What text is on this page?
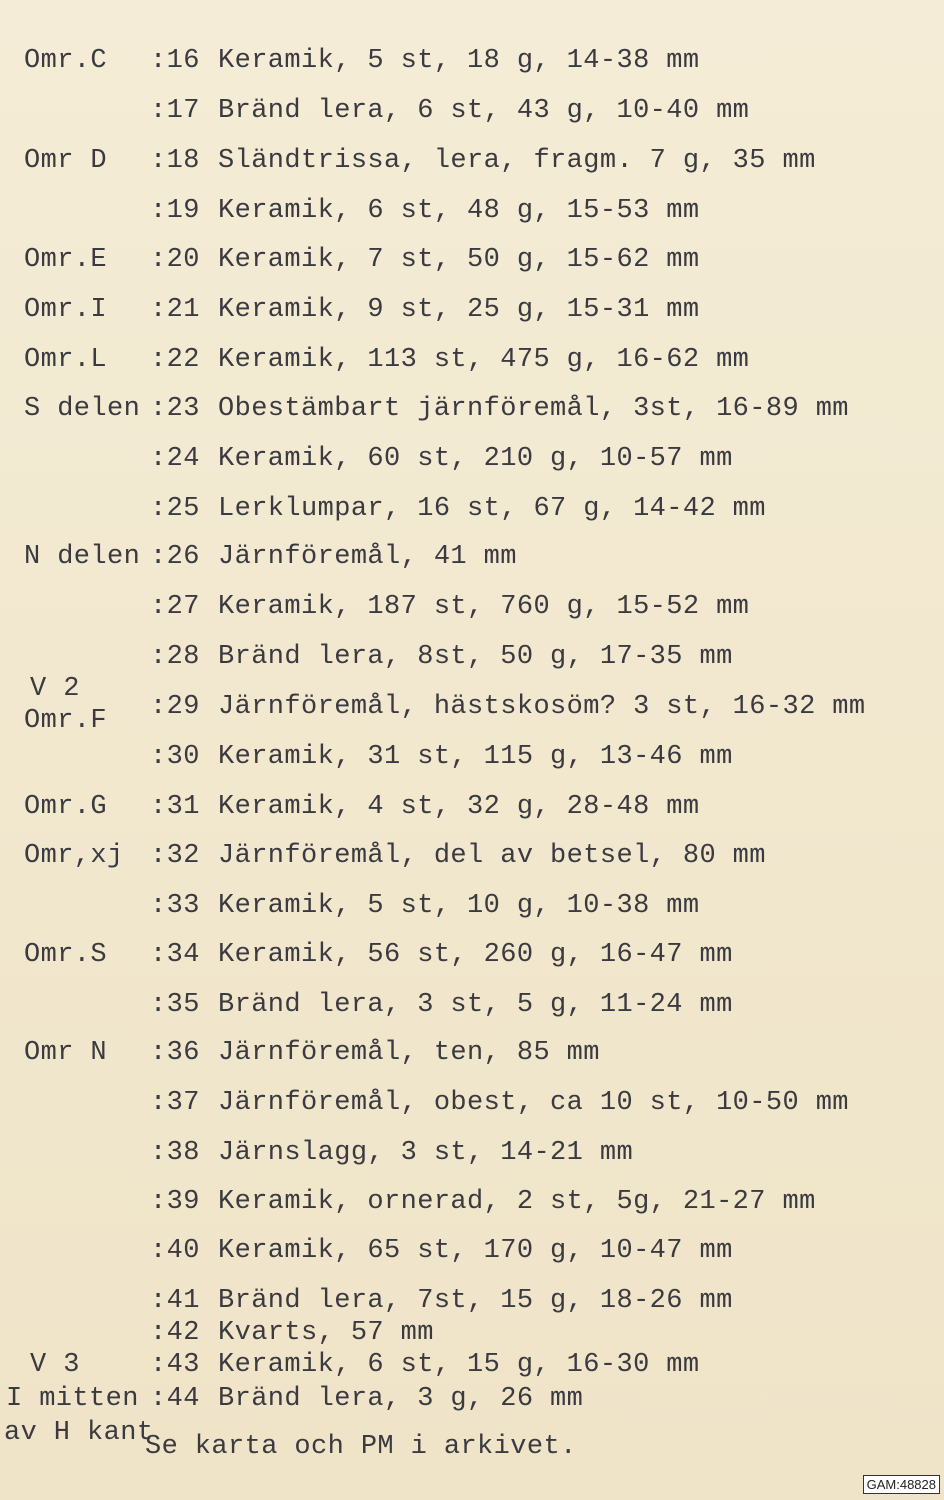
Omr.C :16 Keramik, 5 st, 18 g, 14-38 mm
:17 Bränd lera, 6 st, 43 g, 10-40 mm
Omr D :18 Sländtrissa, lera, fragm. 7 g, 35 mm
:19 Keramik, 6 st, 48 g, 15-53 mm
Omr.E :20 Keramik, 7 st, 50 g, 15-62 mm
Omr.I :21 Keramik, 9 st, 25 g, 15-31 mm
Omr.L :22 Keramik, 113 st, 475 g, 16-62 mm
S delen :23 Obestämbart järnföremål, 3st, 16-89 mm
:24 Keramik, 60 st, 210 g, 10-57 mm
:25 Lerklumpar, 16 st, 67 g, 14-42 mm
N delen :26 Järnföremål, 41 mm
:27 Keramik, 187 st, 760 g, 15-52 mm
:28 Bränd lera, 8st, 50 g, 17-35 mm
V 2
Omr.F :29 Järnföremål, hästskosöm? 3 st, 16-32 mm
:30 Keramik, 31 st, 115 g, 13-46 mm
Omr.G :31 Keramik, 4 st, 32 g, 28-48 mm
Omr,xj :32 Järnföremål, del av betsel, 80 mm
:33 Keramik, 5 st, 10 g, 10-38 mm
Omr.S :34 Keramik, 56 st, 260 g, 16-47 mm
:35 Bränd lera, 3 st, 5 g, 11-24 mm
Omr N :36 Järnföremål, ten, 85 mm
:37 Järnföremål, obest, ca 10 st, 10-50 mm
:38 Järnslagg, 3 st, 14-21 mm
:39 Keramik, ornerad, 2 st, 5g, 21-27 mm
:40 Keramik, 65 st, 170 g, 10-47 mm
:41 Bränd lera, 7st, 15 g, 18-26 mm
:42 Kvarts, 57 mm
V 3	:43 Keramik, 6 st, 15 g, 16-30 mm
I mitten :44 Bränd lera, 3 g, 26 mm
av H kant
Se karta och PM i arkivet.
GAM:48828
